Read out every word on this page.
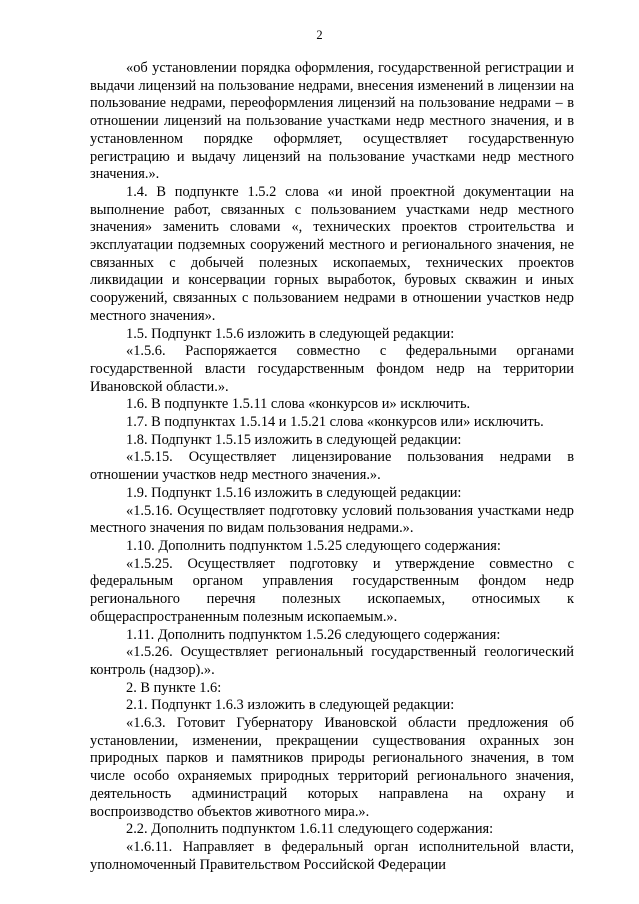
2

«об установлении порядка оформления, государственной регистрации и выдачи лицензий на пользование недрами, внесения изменений в лицензии на пользование недрами, переоформления лицензий на пользование недрами – в отношении лицензий на пользование участками недр местного значения, и в установленном порядке оформляет, осуществляет государственную регистрацию и выдачу лицензий на пользование участками недр местного значения.».

1.4. В подпункте 1.5.2 слова «и иной проектной документации на выполнение работ, связанных с пользованием участками недр местного значения» заменить словами «, технических проектов строительства и эксплуатации подземных сооружений местного и регионального значения, не связанных с добычей полезных ископаемых, технических проектов ликвидации и консервации горных выработок, буровых скважин и иных сооружений, связанных с пользованием недрами в отношении участков недр местного значения».

1.5. Подпункт 1.5.6 изложить в следующей редакции:

«1.5.6. Распоряжается совместно с федеральными органами государственной власти государственным фондом недр на территории Ивановской области.».

1.6. В подпункте 1.5.11 слова «конкурсов и» исключить.

1.7. В подпунктах 1.5.14 и 1.5.21 слова «конкурсов или» исключить.

1.8. Подпункт 1.5.15 изложить в следующей редакции:

«1.5.15. Осуществляет лицензирование пользования недрами в отношении участков недр местного значения.».

1.9. Подпункт 1.5.16 изложить в следующей редакции:

«1.5.16. Осуществляет подготовку условий пользования участками недр местного значения по видам пользования недрами.».

1.10. Дополнить подпунктом 1.5.25 следующего содержания:

«1.5.25. Осуществляет подготовку и утверждение совместно с федеральным органом управления государственным фондом недр регионального перечня полезных ископаемых, относимых к общераспространенным полезным ископаемым.».

1.11. Дополнить подпунктом 1.5.26 следующего содержания:

«1.5.26. Осуществляет региональный государственный геологический контроль (надзор).».

2. В пункте 1.6:

2.1. Подпункт 1.6.3 изложить в следующей редакции:

«1.6.3. Готовит Губернатору Ивановской области предложения об установлении, изменении, прекращении существования охранных зон природных парков и памятников природы регионального значения, в том числе особо охраняемых природных территорий регионального значения, деятельность администраций которых направлена на охрану и воспроизводство объектов животного мира.».

2.2. Дополнить подпунктом 1.6.11 следующего содержания:

«1.6.11. Направляет в федеральный орган исполнительной власти, уполномоченный Правительством Российской Федерации
